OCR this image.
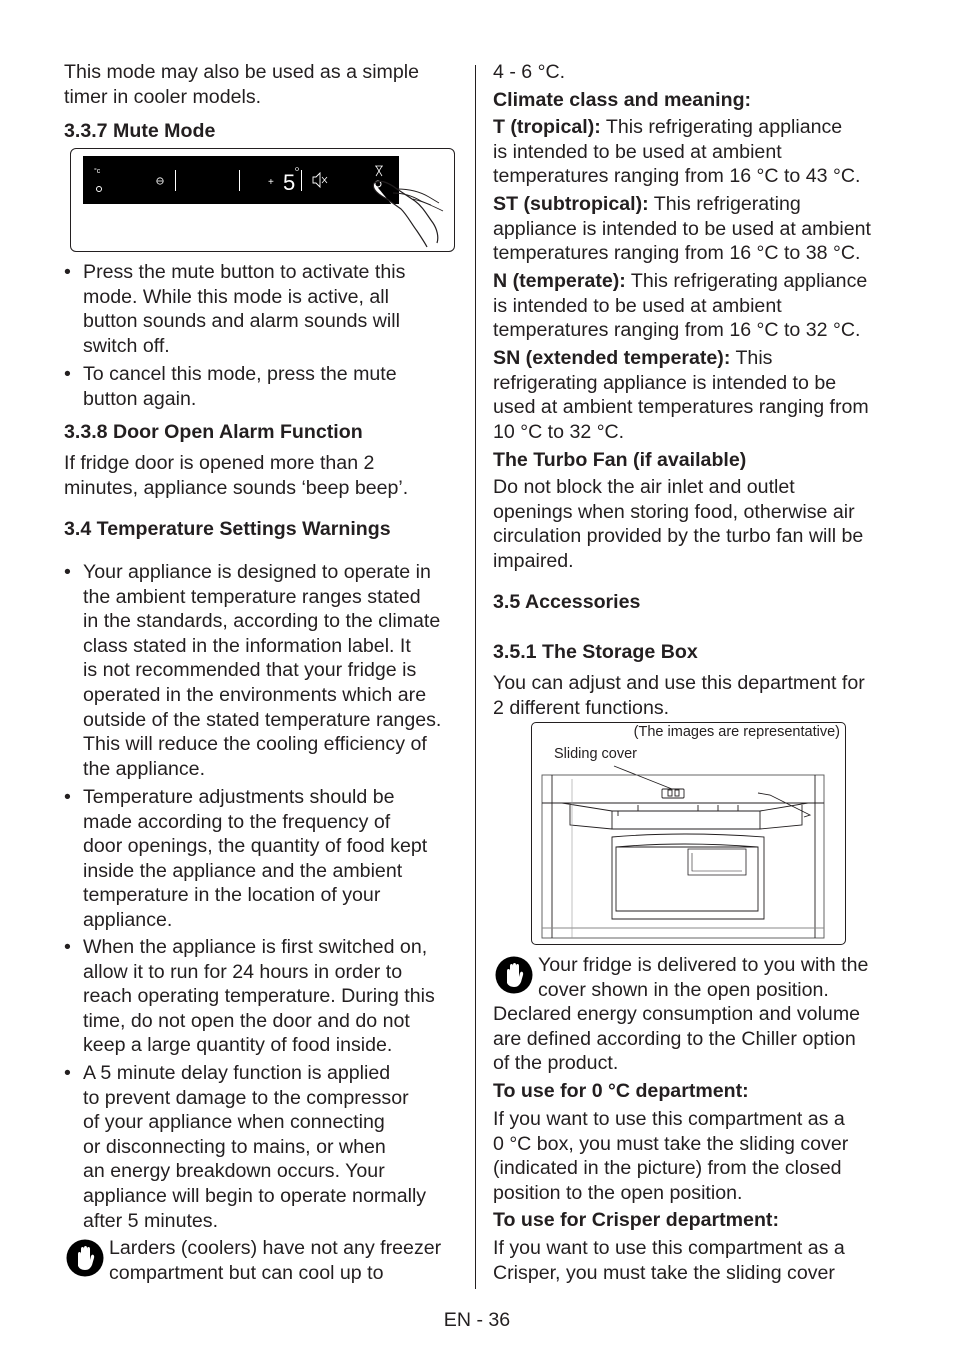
This mode may also be used as a simple
timer in cooler models.

3.3.7 Mute Mode

°c
+ 5
• Press the mute button to activate this
mode. While this mode is active, all
button sounds and alarm sounds will
switch off.
• To cancel this mode, press the mute
button again.

3.3.8 Door Open Alarm Function

If fridge door is opened more than 2
minutes, appliance sounds ‘beep beep’.

3.4 Temperature Settings Warnings

• Your appliance is designed to operate in
the ambient temperature ranges stated
in the standards, according to the climate
class stated in the information label. It
is not recommended that your fridge is
operated in the environments which are
outside of the stated temperature ranges.
This will reduce the cooling efficiency of
the appliance.
• Temperature adjustments should be
made according to the frequency of
door openings, the quantity of food kept
inside the appliance and the ambient
temperature in the location of your
appliance.
• When the appliance is first switched on,
allow it to run for 24 hours in order to
reach operating temperature. During this
time, do not open the door and do not
keep a large quantity of food inside.
• A 5 minute delay function is applied
to prevent damage to the compressor
of your appliance when connecting
or disconnecting to mains, or when
an energy breakdown occurs. Your
appliance will begin to operate normally
after 5 minutes.

Larders (coolers) have not any freezer
compartment but can cool up to

4 - 6 °C.

Climate class and meaning:

T (tropical): This refrigerating appliance
is intended to be used at ambient
temperatures ranging from 16 °C to 43 °C.

ST (subtropical): This refrigerating
appliance is intended to be used at ambient
temperatures ranging from 16 °C to 38 °C.

N (temperate): This refrigerating appliance
is intended to be used at ambient
temperatures ranging from 16 °C to 32 °C.

SN (extended temperate): This
refrigerating appliance is intended to be
used at ambient temperatures ranging from
10 °C to 32 °C.

The Turbo Fan (if available)

Do not block the air inlet and outlet
openings when storing food, otherwise air
circulation provided by the turbo fan will be
impaired.

3.5 Accessories

3.5.1 The Storage Box

You can adjust and use this department for
2 different functions.

(The images are representative)
Sliding cover

Your fridge is delivered to you with the
cover shown in the open position.

Declared energy consumption and volume
are defined according to the Chiller option
of the product.

To use for 0 °C department:

If you want to use this compartment as a
0 °C box, you must take the sliding cover
(indicated in the picture) from the closed
position to the open position.

To use for Crisper department:

If you want to use this compartment as a
Crisper, you must take the sliding cover

EN - 36
